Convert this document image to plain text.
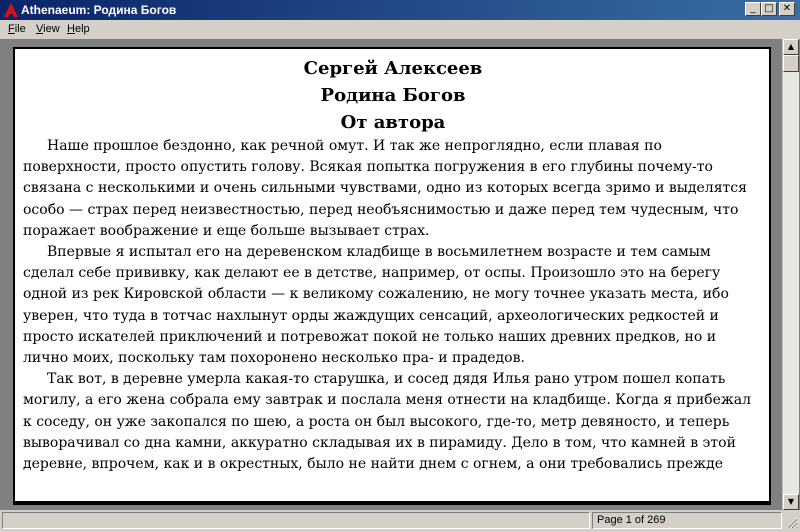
Athenaeum: Родина Богов	_ □ ✕
File View Help
Сергей Алексеев
Родина Богов
От автора

Наше прошлое бездонно, как речной омут. И так же непроглядно, если плавая по поверхности, просто опустить голову. Всякая попытка погружения в его глубины почему-то связана с несколькими и очень сильными чувствами, одно из которых всегда зримо и выделятся особо — страх перед неизвестностью, перед необъяснимостью и даже перед тем чудесным, что поражает воображение и еще больше вызывает страх.

Впервые я испытал его на деревенском кладбище в восьмилетнем возрасте и тем самым сделал себе прививку, как делают ее в детстве, например, от оспы. Произошло это на берегу одной из рек Кировской области — к великому сожалению, не могу точнее указать места, ибо уверен, что туда в тотчас нахлынут орды жаждущих сенсаций, археологических редкостей и просто искателей приключений и потревожат покой не только наших древних предков, но и лично моих, поскольку там похоронено несколько пра- и прадедов.

Так вот, в деревне умерла какая-то старушка, и сосед дядя Илья рано утром пошел копать могилу, а его жена собрала ему завтрак и послала меня отнести на кладбище. Когда я прибежал к соседу, он уже закопался по шею, а роста он был высокого, где-то, метр девяносто, и теперь выворачивал со дна камни, аккуратно складывая их в пирамиду. Дело в том, что камней в этой деревне, впрочем, как и в окрестных, было не найти днем с огнем, а они требовались прежде

▲
▼
Page 1 of 269
